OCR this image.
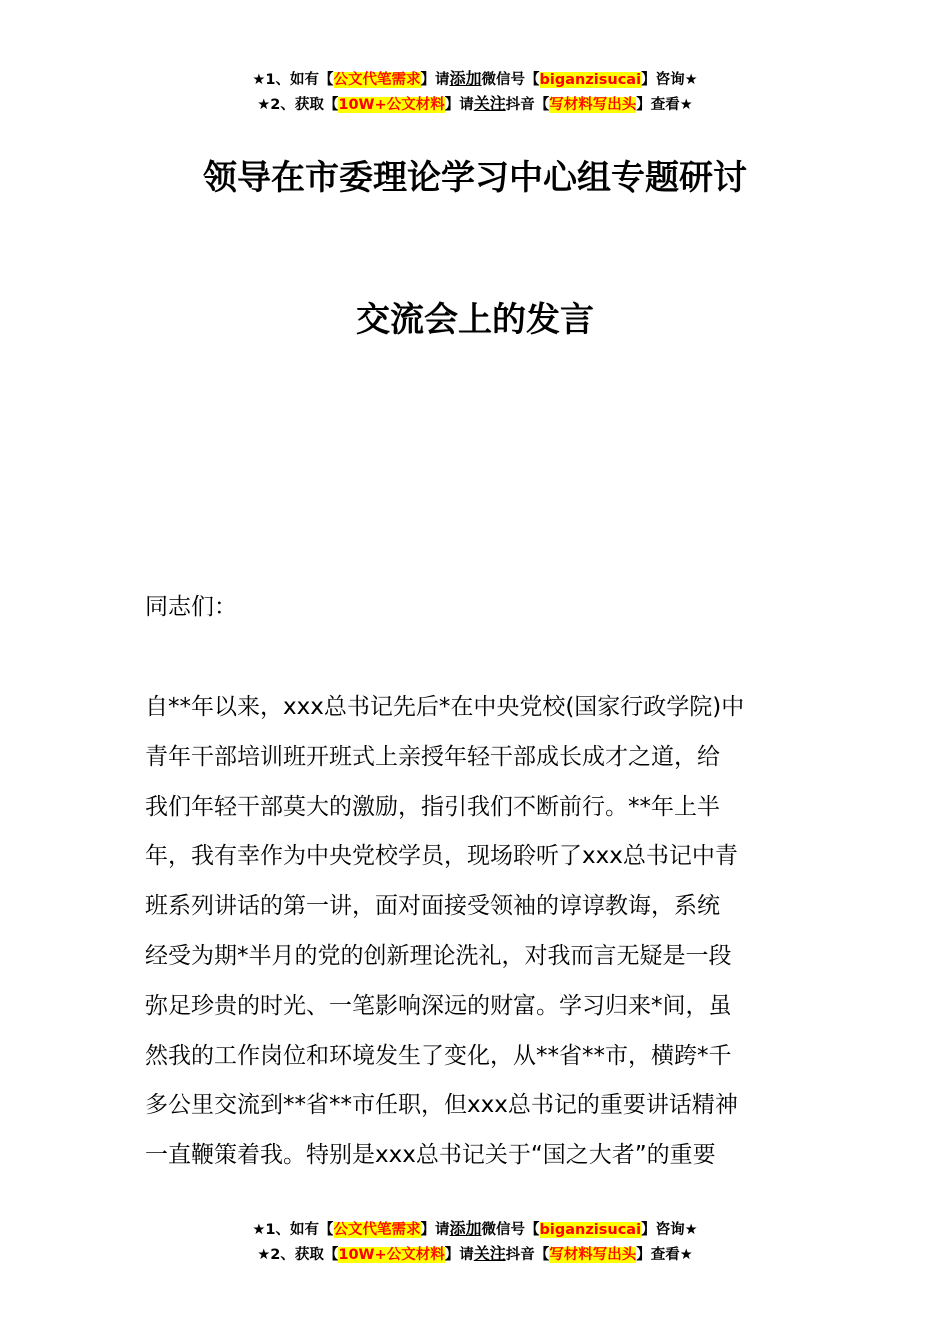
★1、如有【公文代笔需求】请添加微信号【biganzisucai】咨询★
★2、获取【10W+公文材料】请关注抖音【写材料写出头】查看★
领导在市委理论学习中心组专题研讨
交流会上的发言
同志们：
自**年以来，xxx总书记先后*在中央党校(国家行政学院)中
青年干部培训班开班式上亲授年轻干部成长成才之道，给
我们年轻干部莫大的激励，指引我们不断前行。**年上半
年，我有幸作为中央党校学员，现场聆听了xxx总书记中青
班系列讲话的第一讲，面对面接受领袖的谆谆教诲，系统
经受为期*半月的党的创新理论洗礼，对我而言无疑是一段
弥足珍贵的时光、一笔影响深远的财富。学习归来*间，虽
然我的工作岗位和环境发生了变化，从**省**市，横跨*千
多公里交流到**省**市任职，但xxx总书记的重要讲话精神
一直鞭策着我。特别是xxx总书记关于“国之大者”的重要
★1、如有【公文代笔需求】请添加微信号【biganzisucai】咨询★
★2、获取【10W+公文材料】请关注抖音【写材料写出头】查看★
